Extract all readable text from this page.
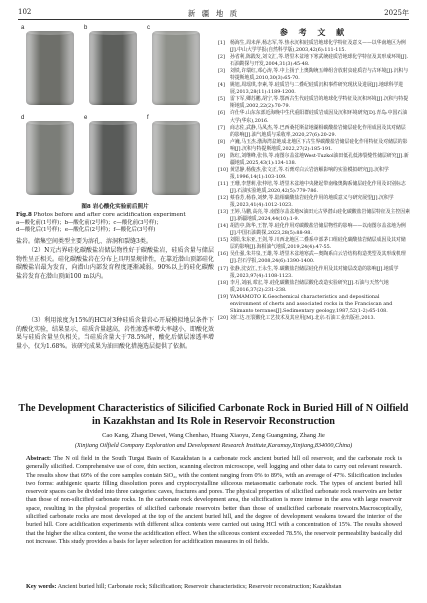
102	新 疆 地 质	2025年
a	b	c
d	e	f
图8 岩心酸化实验前后照片
Fig.8 Photos before and after core acidification experiment
a—酸化前(1号样)；b—酸化前(2号样)；c—酸化前(3号样)；
d—酸化后(1号样)；e—酸化后(2号样)；f—酸化后(3号样)
盐岩。储集空间类型主要为溶孔、溶洞和裂缝3类。
（2）N元古界硅化碳酸盐岩储层物性好于碳酸盐岩，硅质含量与储层物性呈正相关。硅化碳酸盐岩在分布上具明显规律性，在靠近潜山顶部硅化碳酸盐岩最为发育，向潜山内部发育程度逐渐减弱。90%以上的硅化碳酸盐岩发育在潜山顶面100 m以内。
（3）利用浓度为15%的HCl对3种硅质含量岩心开展模拟地层条件下的酸化实验，结果显示，硅质含量越高，岩性渗透率增大率越小，即酸化效果与硅质含量呈负相关。当硅质含量大于78.5%时，酸化后储层渗透率增量小，仅为1.68%。该研究成果为油田酸化措施选层提供了依据。
参 考 文 献
[1] 杨海生,周未萍,杨志军,等.热水沉积硅质岩地球化学特征及意义——以华南地区为例[J].中山大学学报(自然科学版),2003,42(6):111-115.
[2] 孙省利,陈践发,刘文汇,等.塔里木盆地下寒武统硅质岩地球化学特征及其形成环境[J].石油勘探与开发,2004,31(3):45-48.
[3] 刘铁,许瑞红,邓心涛,等.中上扬子上奥陶统五峰组含放射虫硅质岩与古环境[J].沉积与特提斯地质,2010,30(3):65-70.
[4] 姚旭,周瑶琪,李素,等.硅质岩与二叠纪硅质沉积事件研究现状及进展[J].地球科学进展,2013,28(11):1189-1200.
[5] 雷卞军,卿苏鹏,胡宁,等.鄂西古生代硅质岩的地球化学特征及沉积环境[J].沉积与特提斯地质,2002,22(2):70-79.
[6] 许仕华.山东东部近海晚中生代重阳群硅质岩成因及沉积环境研究[D].青岛:中国石油大学(华东),2016.
[7] 商志佐,武静,马凤杰,等.巴西桑托斯盆地湖相碳酸盐岩储层硅化作用成因及其对储层的影响[J].油气地质与采收率,2020,27(6):20-29.
[8] 卢巍,马玉杰.渤海湾盆地成北地区下古生界碳酸盐岩储层硅化作用特征及对储层的影响[J].沉积与特提斯地质,2022,27(2):185-191.
[9] 陈红,刘继峰,张伟,等.南图尔盖盆地West-Tuzkol油田低孔低渗裂缝性储层研究[J].新疆地质,2025,43(1):134-138.
[10] 黄思静,杨俊杰,张文正,等.石膏对白云岩溶解影响的实验模拟研究[J].沉积学报,1996,14(1):103-109.
[11] 王珊,李慧莉,张仲培,等.塔里木盆地中央隆起带南缘奥陶系储层硅化作用及识别标志[J].石油实验地质,2020,42(5):779-786.
[12] 蔡春芳,杨春,刘梦,等.陆相碳酸盐岩硅化作用的地质意义与研究展望[J].沉积学报,2023,41(4):1012-1023.
[13] 王婷,马鹏,高亮,等.南图尔盖盆地N油田元古界潜山硅化碳酸盐岩储层特征及主控因素[J].新疆地质,2024,44(10):1-9.
[14] 胡浩亭,陈华,王智,等.硅化作用对碳酸盐岩储层物性的影响——以南图尔盖盆地为例[J].中国石油勘探,2023,28(5):88-98.
[15] 刘阳,朱东亚,王剑,等.川西北地区二叠系中部茅口组硅化碳酸盐岩储层成因及其对储层的影响[J].海相油气地质,2019,24(4):47-55.
[16] 吴仕强,朱井泉,王雄,等.塔里木盆地寒武—奥陶系白云岩结构构造类型及其形成机理[J].岩石学报,2008,24(6):1390-1400.
[17] 张静,沈安江,王永生,等.碳酸盐岩储层硅化作用及其对储层改造的影响[J].地质学报,2023,97(4):1108-1123.
[18] 李月,刘丽,邓宏,等.硅化碳酸盐岩储层酸化改造实验研究[J].石油与天然气地质,2016,37(2):231-238.
[19] YAMAMOTO K.Geochemical characteristics and depositional environment of cherts and associated rocks in the Franciscan and Shimanto terranes[J].Sedimentary geology,1987,52(1-2):65-108.
[20] 刘仁达.压裂酸化工艺技术及其应用[M].北京:石油工业出版社,2013.
The Development Characteristics of Silicified Carbonate Rock in Buried Hill of N Oilfield in Kazakhstan and Its Role in Reservoir Reconstruction
Cao Kang, Zhang Dewei, Wang Chenhao, Huang Xiaoyu, Zeng Guangming, Zhang Jie
(Xinjiang Oilfield Company Exploration and Development Research Institute,Karamay,Xinjiang,834000,China)
Abstract: The N oil field in the South Turgai Basin of Kazakhstan is a carbonate rock ancient buried hill oil reservoir, and the carbonate rock is generally silicified. Comprehensive use of core, thin section, scanning electron microscope, well logging and other data to carry out relevant research. The results show that 69% of the core samples contain SiO₂, with the content ranging from 0% to 89%, with an average of 47%. Silicification includes two forms: authigenic quartz filling dissolution pores and cryptocrystalline siliceous metasomatic carbonate rock. The types of ancient buried hill reservoir spaces can be divided into three categories: caves, fractures and pores. The physical properties of silicified carbonate rock reservoirs are better than those of non-silicified carbonate rocks. In the carbonate rock development area, the silicification is more intense in the area with large reservoir space, resulting in the physical properties of silicified carbonate reservoirs better than those of unsilicified carbonate reservoirs.Macroscopically, silicified carbonate rocks are most developed at the top of the ancient buried hill, and the degree of development weakens toward the interior of the buried hill. Core acidification experiments with different silica contents were carried out using HCl with a concentration of 15%. The results showed that the higher the silica content, the worse the acidification effect. When the siliceous content exceeded 78.5%, the reservoir permeability basically did not increase. This study provides a basis for layer selection for acidification measures in oil fields.
Key words: Ancient buried hill; Carbonate rock; Silicification; Reservoir characteristics; Reservoir reconstruction; Kazakhstan
